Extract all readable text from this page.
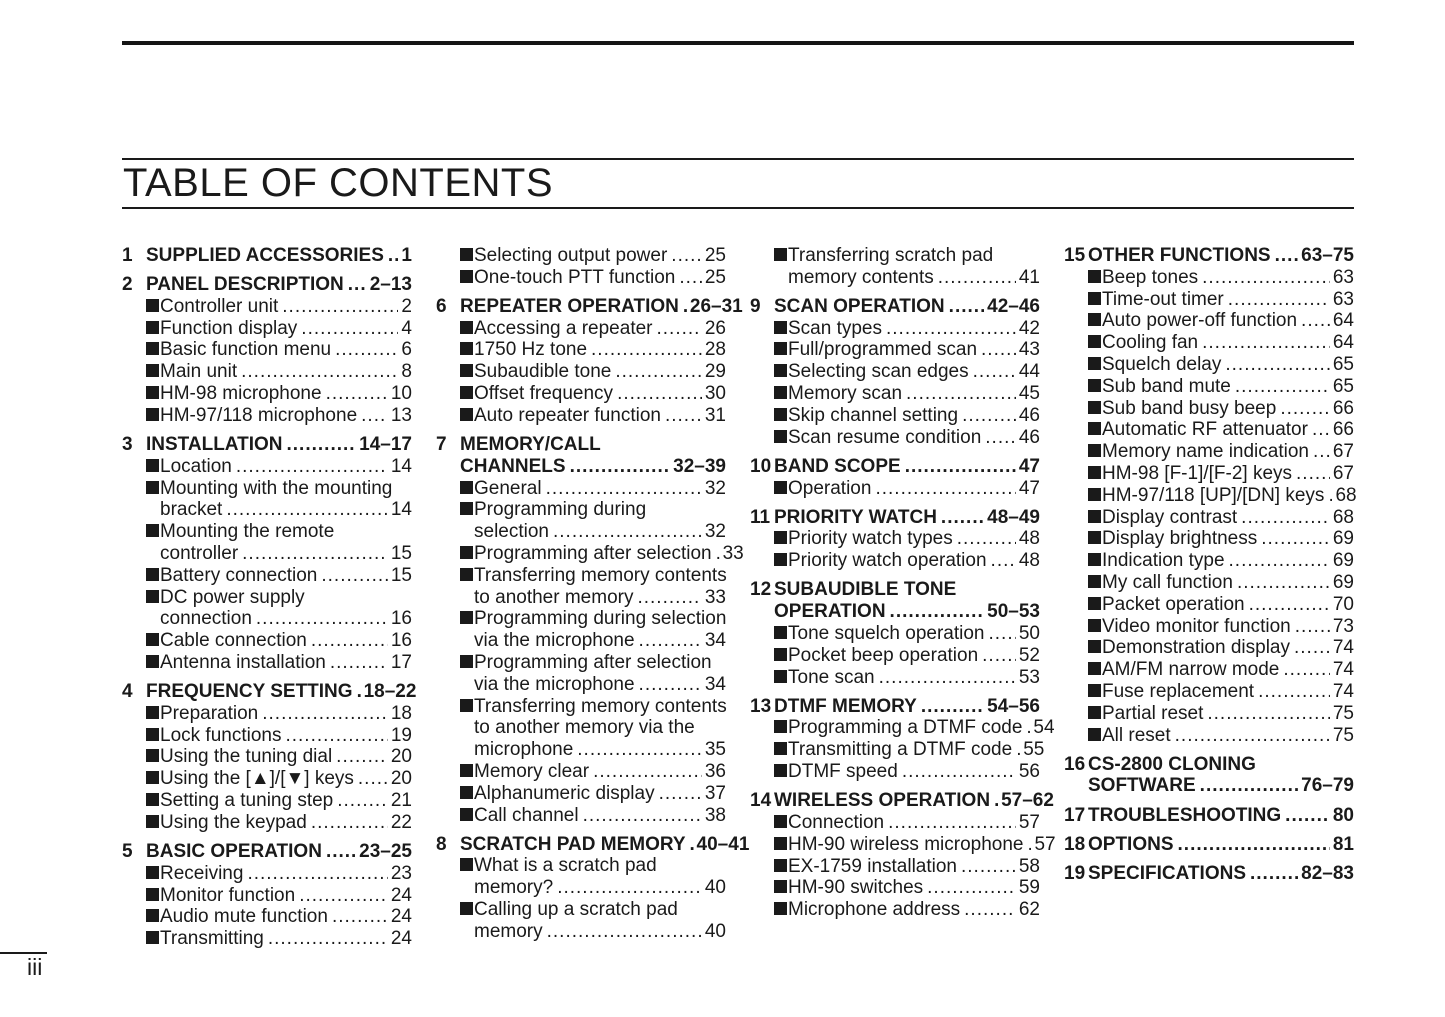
TABLE OF CONTENTS
1 SUPPLIED ACCESSORIES ..... 1
2 PANEL DESCRIPTION ..... 2–13
Controller unit .....	2
Function display .....	4
Basic function menu .....	6
Main unit .....	8
HM-98 microphone .....	10
HM-97/118 microphone ..... 13
3 INSTALLATION .....	14–17
Location .....	14
Mounting with the mounting
bracket .....	14
Mounting the remote
controller .....	15
Battery connection .....	15
DC power supply
connection .....	16
Cable connection .....	16
Antenna installation .....	17
4 FREQUENCY SETTING ..... 18–22
Preparation .....	18
Lock functions .....	19
Using the tuning dial .....	20
Using the [▲]/[▼] keys ..... 20
Setting a tuning step .....	21
Using the keypad .....	22
5 BASIC OPERATION ..... 23–25
Receiving .....	23
Monitor function .....	24
Audio mute function .....	24
Transmitting .....	24
Selecting output power ..... 25
One-touch PTT function ..... 25
6 REPEATER OPERATION ..... 26–31
Accessing a repeater .....	26
1750 Hz tone .....	28
Subaudible tone .....	29
Offset frequency .....	30
Auto repeater function ..... 31
7 MEMORY/CALL
CHANNELS .....	32–39
General .....	32
Programming during
selection .....	32
Programming after selection ..... 33
Transferring memory contents
to another memory .....	33
Programming during selection
via the microphone .....	34
Programming after selection
via the microphone .....	34
Transferring memory contents
to another memory via the
microphone .....	35
Memory clear .....	36
Alphanumeric display .....	37
Call channel .....	38
8 SCRATCH PAD MEMORY ..... 40–41
What is a scratch pad
memory? .....	40
Calling up a scratch pad
memory .....	40
Transferring scratch pad
memory contents .....	41
9 SCAN OPERATION ..... 42–46
Scan types .....	42
Full/programmed scan ..... 43
Selecting scan edges .....	44
Memory scan .....	45
Skip channel setting .....	46
Scan resume condition ..... 46
10 BAND SCOPE .....	47
Operation .....	47
11 PRIORITY WATCH .....	48–49
Priority watch types .....	48
Priority watch operation ..... 48
12 SUBAUDIBLE TONE
OPERATION .....	50–53
Tone squelch operation ..... 50
Pocket beep operation ..... 52
Tone scan .....	53
13 DTMF MEMORY .....	54–56
Programming a DTMF code ..... 54
Transmitting a DTMF code ..... 55
DTMF speed .....	56
14 WIRELESS OPERATION ..... 57–62
Connection .....	57
HM-90 wireless microphone ..... 57
EX-1759 installation .....	58
HM-90 switches .....	59
Microphone address .....	62
15 OTHER FUNCTIONS ..... 63–75
Beep tones .....	63
Time-out timer .....	63
Auto power-off function ..... 64
Cooling fan .....	64
Squelch delay .....	65
Sub band mute .....	65
Sub band busy beep .....	66
Automatic RF attenuator ..... 66
Memory name indication ..... 67
HM-98 [F-1]/[F-2] keys ..... 67
HM-97/118 [UP]/[DN] keys ..... 68
Display contrast .....	68
Display brightness .....	69
Indication type .....	69
My call function .....	69
Packet operation .....	70
Video monitor function ..... 73
Demonstration display ..... 74
AM/FM narrow mode .....	74
Fuse replacement .....	74
Partial reset .....	75
All reset .....	75
16 CS-2800 CLONING
SOFTWARE .....	76–79
17 TROUBLESHOOTING .....	80
18 OPTIONS .....	81
19 SPECIFICATIONS .....	82–83
iii
